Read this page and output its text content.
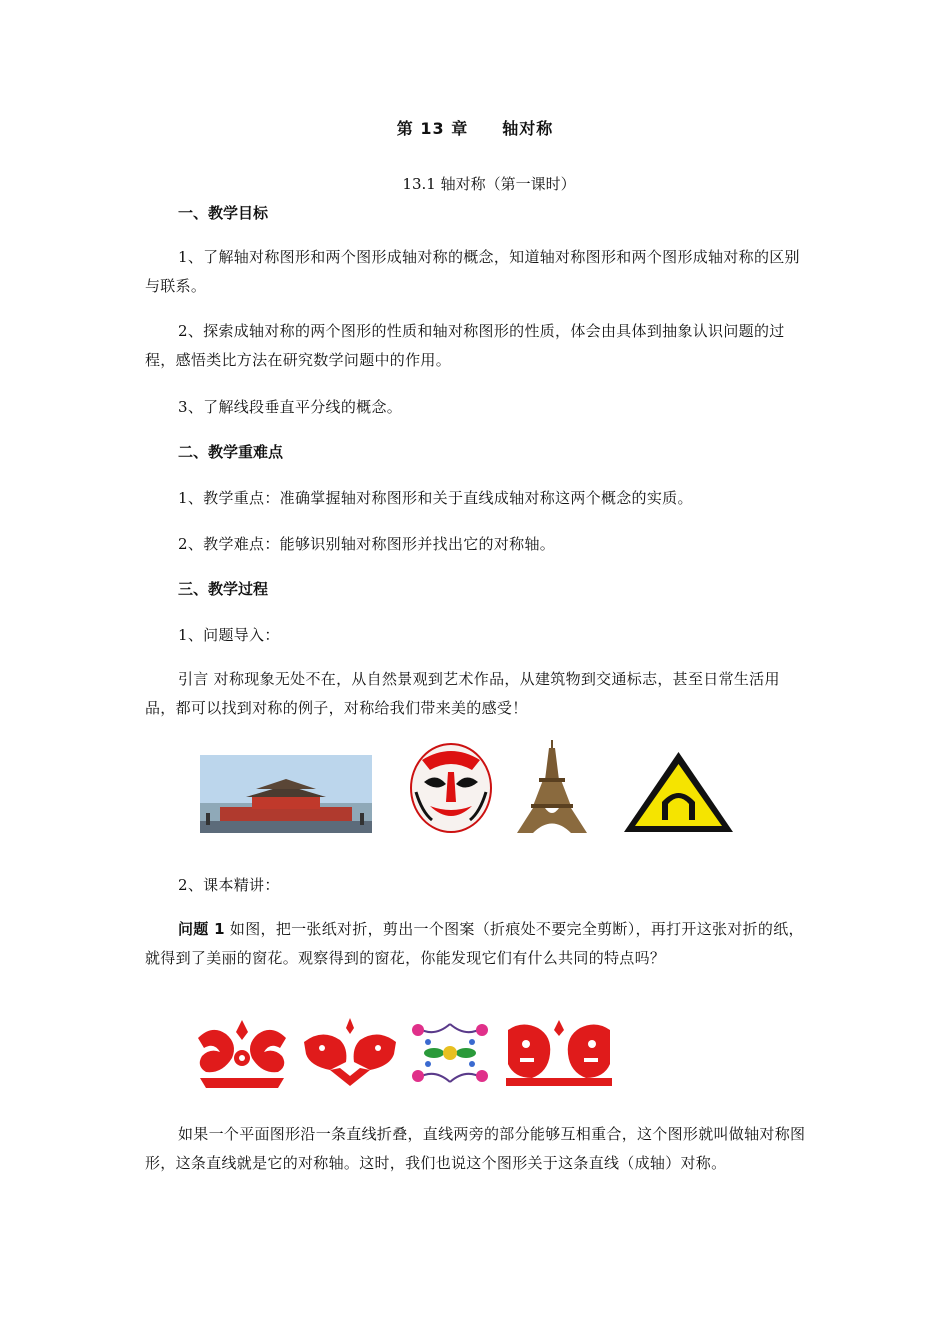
第 13 章 轴对称
13.1 轴对称（第一课时）
一、教学目标
1、了解轴对称图形和两个图形成轴对称的概念，知道轴对称图形和两个图形成轴对称的区别与联系。
2、探索成轴对称的两个图形的性质和轴对称图形的性质，体会由具体到抽象认识问题的过程，感悟类比方法在研究数学问题中的作用。
3、了解线段垂直平分线的概念。
二、教学重难点
1、教学重点：准确掌握轴对称图形和关于直线成轴对称这两个概念的实质。
2、教学难点：能够识别轴对称图形并找出它的对称轴。
三、教学过程
1、问题导入：
引言 对称现象无处不在，从自然景观到艺术作品，从建筑物到交通标志，甚至日常生活用品，都可以找到对称的例子，对称给我们带来美的感受！
2、课本精讲：
问题 1 如图，把一张纸对折，剪出一个图案（折痕处不要完全剪断），再打开这张对折的纸，就得到了美丽的窗花。观察得到的窗花，你能发现它们有什么共同的特点吗？
如果一个平面图形沿一条直线折叠，直线两旁的部分能够互相重合，这个图形就叫做轴对称图形，这条直线就是它的对称轴。这时，我们也说这个图形关于这条直线（成轴）对称。
